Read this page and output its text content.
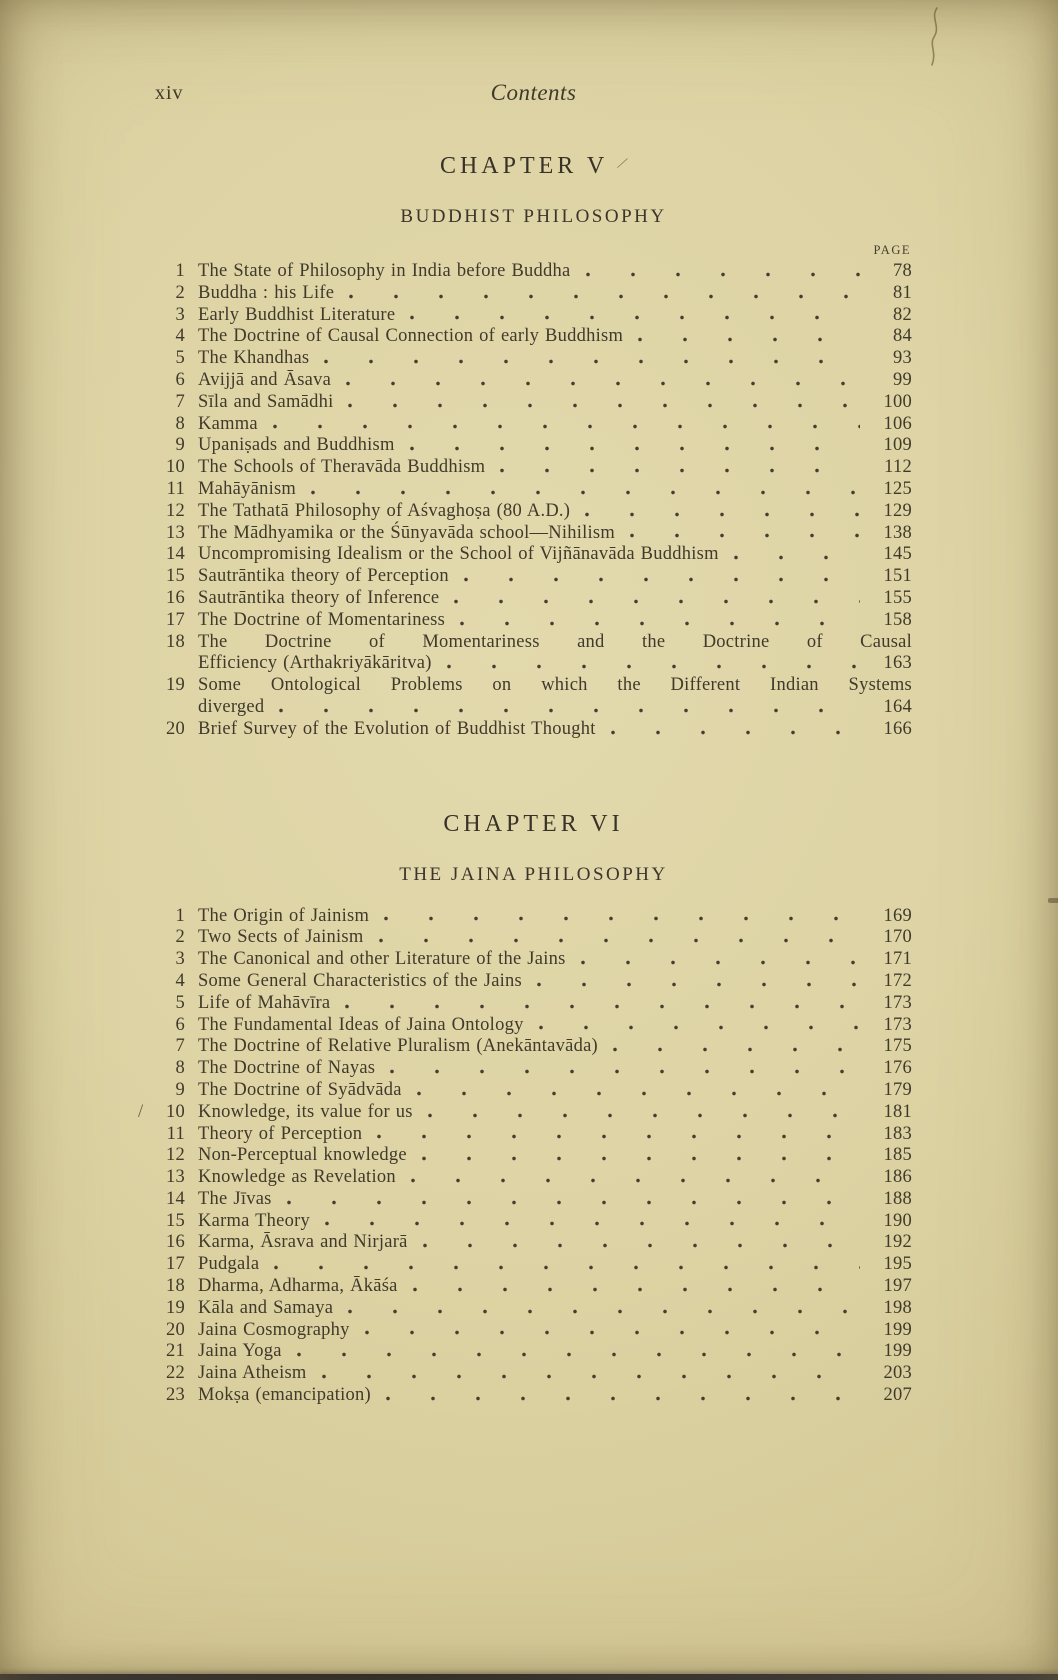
xiv	Contents
CHAPTER V ∕
BUDDHIST PHILOSOPHY
PAGE
1 The State of Philosophy in India before Buddha	78
2 Buddha : his Life	81
3 Early Buddhist Literature	82
4 The Doctrine of Causal Connection of early Buddhism	84
5 The Khandhas	93
6 Avijjā and Āsava	99
7 Sīla and Samādhi	100
8 Kamma	106
9 Upaniṣads and Buddhism	109
10 The Schools of Theravāda Buddhism	112
11 Mahāyānism	125
12 The Tathatā Philosophy of Aśvaghoṣa (80 A.D.)	129
13 The Mādhyamika or the Śūnyavāda school—Nihilism	138
14 Uncompromising Idealism or the School of Vijñānavāda Buddhism	145
15 Sautrāntika theory of Perception	151
16 Sautrāntika theory of Inference	155
17 The Doctrine of Momentariness	158
18 The Doctrine of Momentariness and the Doctrine of Causal
Efficiency (Arthakriyākāritva)	163
19 Some Ontological Problems on which the Different Indian Systems
diverged	164
20 Brief Survey of the Evolution of Buddhist Thought	166
CHAPTER VI
THE JAINA PHILOSOPHY
1 The Origin of Jainism	169
2 Two Sects of Jainism	170
3 The Canonical and other Literature of the Jains	171
4 Some General Characteristics of the Jains	172
5 Life of Mahāvīra	173
6 The Fundamental Ideas of Jaina Ontology	173
7 The Doctrine of Relative Pluralism (Anekāntavāda)	175
8 The Doctrine of Nayas	176
9 The Doctrine of Syādvāda	179
/	10 Knowledge, its value for us	181
11 Theory of Perception	183
12 Non-Perceptual knowledge	185
13 Knowledge as Revelation	186
14 The Jīvas	188
15 Karma Theory	190
16 Karma, Āsrava and Nirjarā	192
17 Pudgala	195
18 Dharma, Adharma, Ākāśa	197
19 Kāla and Samaya	198
20 Jaina Cosmography	199
21 Jaina Yoga	199
22 Jaina Atheism	203
23 Mokṣa (emancipation)	207
